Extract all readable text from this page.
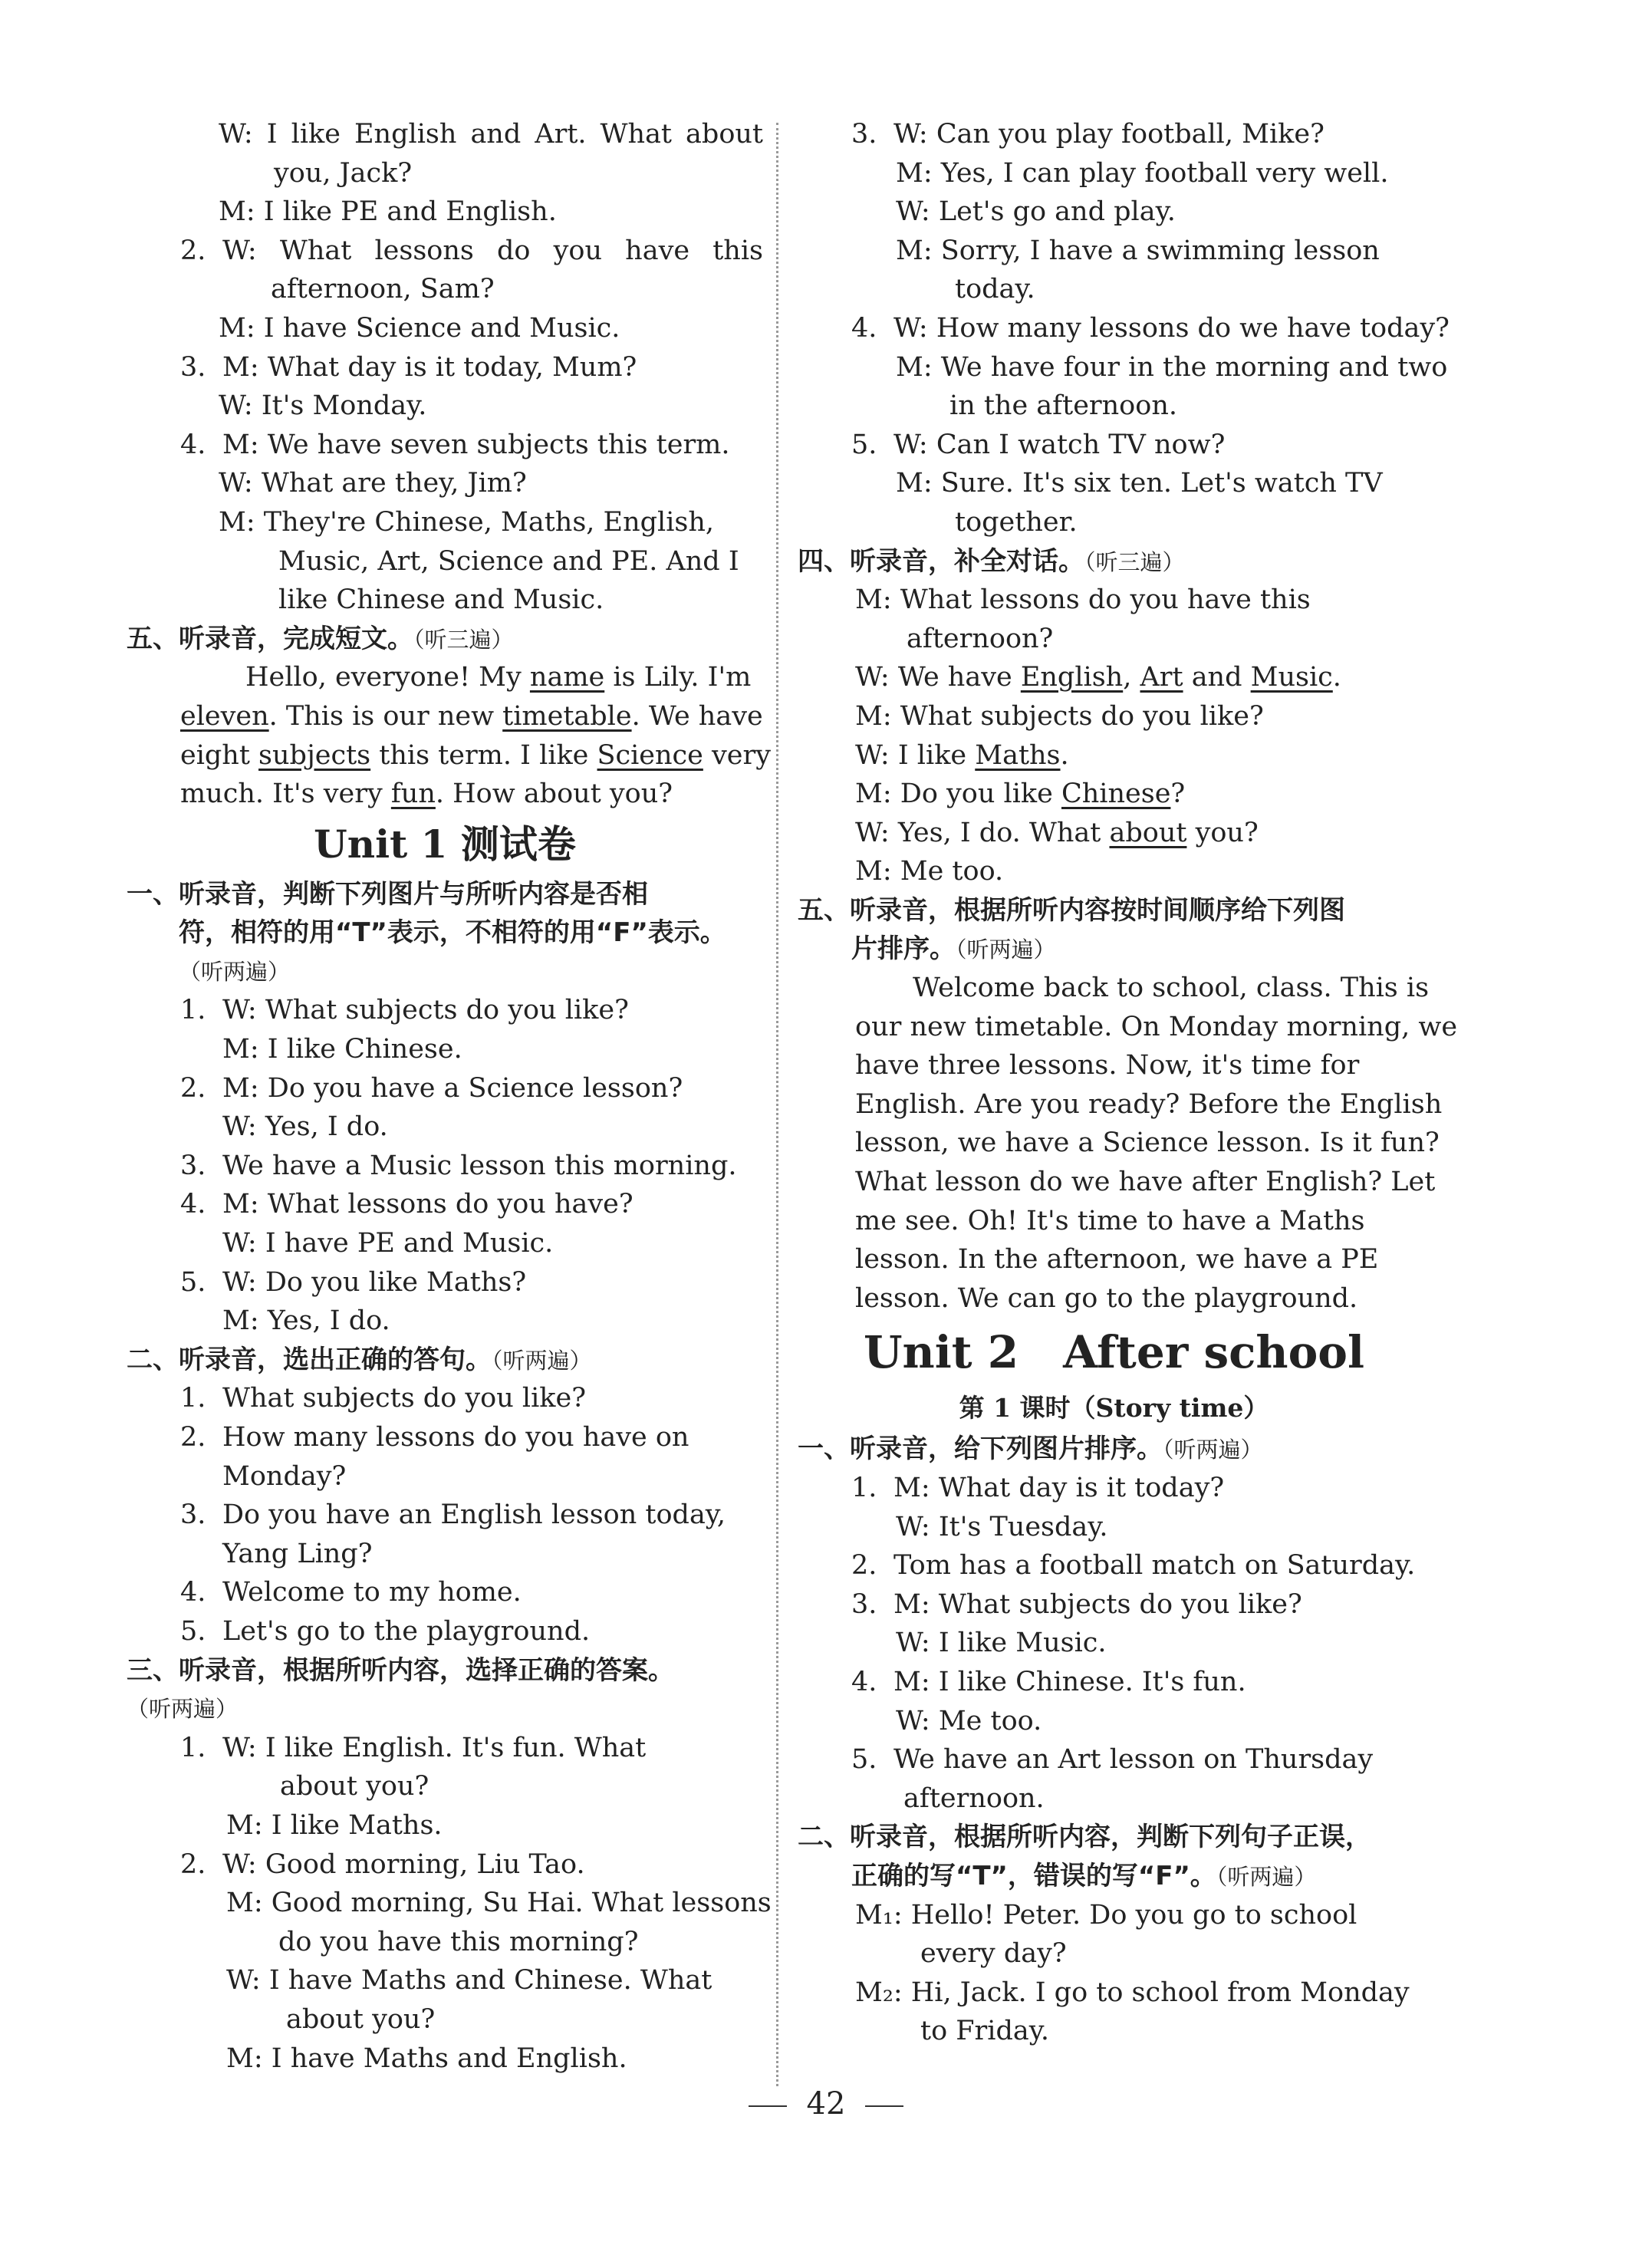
W: I like English and Art. What about
you, Jack?
M: I like PE and English.
2. W: What lessons do you have this
afternoon, Sam?
M: I have Science and Music.
3. M: What day is it today, Mum?
W: It's Monday.
4. M: We have seven subjects this term.
W: What are they, Jim?
M: They're Chinese, Maths, English,
Music, Art, Science and PE. And I
like Chinese and Music.
五、听录音，完成短文。（听三遍）
Hello, everyone! My name is Lily. I'm
eleven. This is our new timetable. We have
eight subjects this term. I like Science very
much. It's very fun. How about you?
Unit 1 测试卷
一、听录音，判断下列图片与所听内容是否相
符，相符的用“T”表示，不相符的用“F”表示。
（听两遍）
1. W: What subjects do you like?
M: I like Chinese.
2. M: Do you have a Science lesson?
W: Yes, I do.
3. We have a Music lesson this morning.
4. M: What lessons do you have?
W: I have PE and Music.
5. W: Do you like Maths?
M: Yes, I do.
二、听录音，选出正确的答句。（听两遍）
1. What subjects do you like?
2. How many lessons do you have on
Monday?
3. Do you have an English lesson today,
Yang Ling?
4. Welcome to my home.
5. Let's go to the playground.
三、听录音，根据所听内容，选择正确的答案。
（听两遍）
1. W: I like English. It's fun. What
about you?
M: I like Maths.
2. W: Good morning, Liu Tao.
M: Good morning, Su Hai. What lessons
do you have this morning?
W: I have Maths and Chinese. What
about you?
M: I have Maths and English.
3. W: Can you play football, Mike?
M: Yes, I can play football very well.
W: Let's go and play.
M: Sorry, I have a swimming lesson
today.
4. W: How many lessons do we have today?
M: We have four in the morning and two
in the afternoon.
5. W: Can I watch TV now?
M: Sure. It's six ten. Let's watch TV
together.
四、听录音，补全对话。（听三遍）
M: What lessons do you have this
afternoon?
W: We have English, Art and Music.
M: What subjects do you like?
W: I like Maths.
M: Do you like Chinese?
W: Yes, I do. What about you?
M: Me too.
五、听录音，根据所听内容按时间顺序给下列图
片排序。（听两遍）
Welcome back to school, class. This is
our new timetable. On Monday morning, we
have three lessons. Now, it's time for
English. Are you ready? Before the English
lesson, we have a Science lesson. Is it fun?
What lesson do we have after English? Let
me see. Oh! It's time to have a Maths
lesson. In the afternoon, we have a PE
lesson. We can go to the playground.
Unit 2　After school
第 1 课时（Story time）
一、听录音，给下列图片排序。（听两遍）
1. M: What day is it today?
W: It's Tuesday.
2. Tom has a football match on Saturday.
3. M: What subjects do you like?
W: I like Music.
4. M: I like Chinese. It's fun.
W: Me too.
5. We have an Art lesson on Thursday
afternoon.
二、听录音，根据所听内容，判断下列句子正误，
正确的写“T”，错误的写“F”。（听两遍）
M₁: Hello! Peter. Do you go to school
every day?
M₂: Hi, Jack. I go to school from Monday
to Friday.
42
